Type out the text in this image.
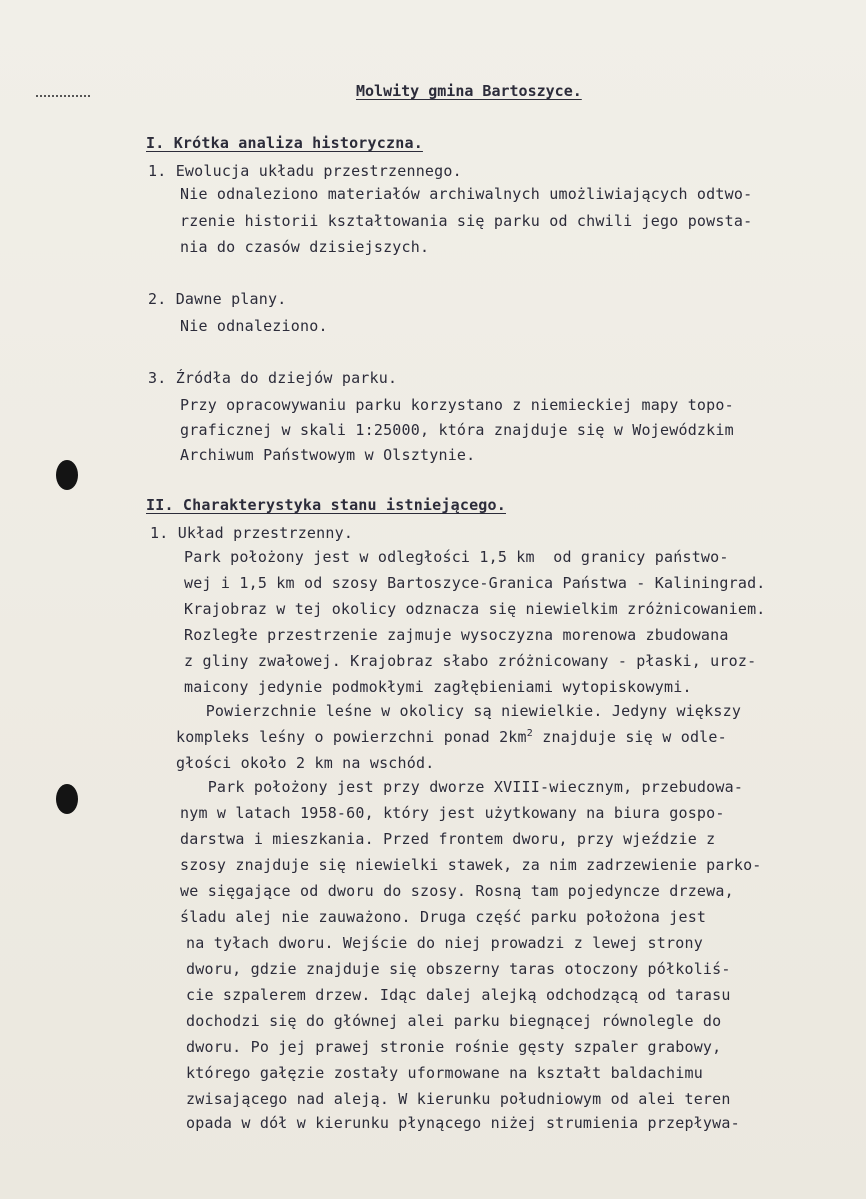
Molwity gmina Bartoszyce.
I. Krótka analiza historyczna.
1. Ewolucja układu przestrzennego.
Nie odnaleziono materiałów archiwalnych umożliwiających odtwo-
rzenie historii kształtowania się parku od chwili jego powsta-
nia do czasów dzisiejszych.
2. Dawne plany.
Nie odnaleziono.
3. Źródła do dziejów parku.
Przy opracowywaniu parku korzystano z niemieckiej mapy topo-
graficznej w skali 1:25000, która znajduje się w Wojewódzkim
Archiwum Państwowym w Olsztynie.
II. Charakterystyka stanu istniejącego.
1. Układ przestrzenny.
Park położony jest w odległości 1,5 km  od granicy państwo-
wej i 1,5 km od szosy Bartoszyce-Granica Państwa - Kaliningrad.
Krajobraz w tej okolicy odznacza się niewielkim zróżnicowaniem.
Rozległe przestrzenie zajmuje wysoczyzna morenowa zbudowana
z gliny zwałowej. Krajobraz słabo zróżnicowany - płaski, uroz-
maicony jedynie podmokłymi zagłębieniami wytopiskowymi.
Powierzchnie leśne w okolicy są niewielkie. Jedyny większy
kompleks leśny o powierzchni ponad $2km^2$ znajduje się w odle-
głości około 2 km na wschód.
Park położony jest przy dworze XVIII-wiecznym, przebudowa-
nym w latach 1958-60, który jest użytkowany na biura gospo-
darstwa i mieszkania. Przed frontem dworu, przy wjeździe z
szosy znajduje się niewielki stawek, za nim zadrzewienie parko-
we sięgające od dworu do szosy. Rosną tam pojedyncze drzewa,
śladu alej nie zauważono. Druga część parku położona jest
na tyłach dworu. Wejście do niej prowadzi z lewej strony
dworu, gdzie znajduje się obszerny taras otoczony półkoliś-
cie szpalerem drzew. Idąc dalej alejką odchodzącą od tarasu
dochodzi się do głównej alei parku biegnącej równolegle do
dworu. Po jej prawej stronie rośnie gęsty szpaler grabowy,
którego gałęzie zostały uformowane na kształt baldachimu
zwisającego nad aleją. W kierunku południowym od alei teren
opada w dół w kierunku płynącego niżej strumienia przepływa-
